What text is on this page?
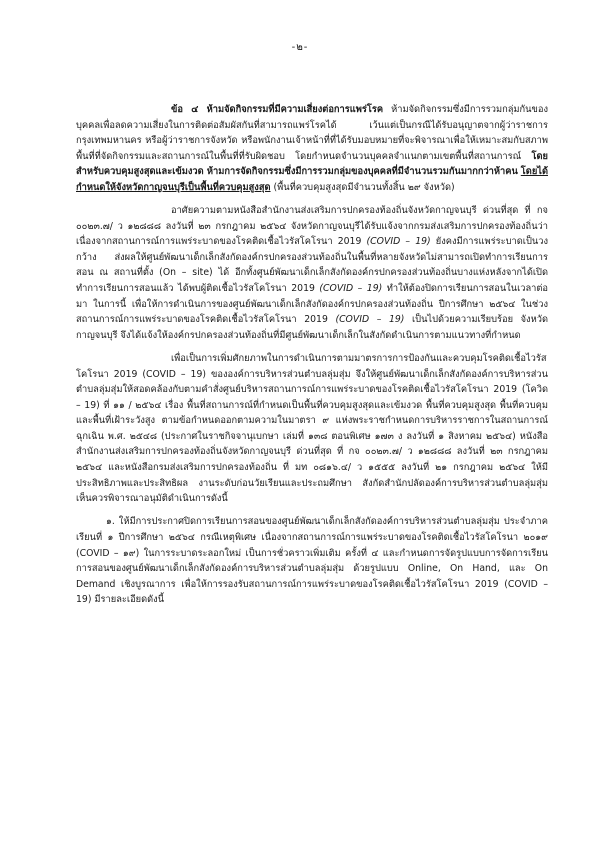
-๒-

ข้อ ๔ ห้ามจัดกิจกรรมที่มีความเสี่ยงต่อการแพร่โรค ห้ามจัดกิจกรรมซึ่งมีการรวมกลุ่มกันของบุคคลเพื่อลดความเสี่ยงในการติดต่อสัมผัสกันที่สามารถแพร่โรคได้ เว้นแต่เป็นกรณีได้รับอนุญาตจากผู้ว่าราชการกรุงเทพมหานคร หรือผู้ว่าราชการจังหวัด หรือพนักงานเจ้าหน้าที่ที่ได้รับมอบหมายที่จะพิจารณาเพื่อให้เหมาะสมกับสภาพพื้นที่ที่จัดกิจกรรมและสถานการณ์ในพื้นที่ที่รับผิดชอบ โดยกำหนดจำนวนบุคคลจำแนกตามเขตพื้นที่สถานการณ์ โดยสำหรับควบคุมสูงสุดและเข้มงวด ห้ามการจัดกิจกรรมซึ่งมีการรวมกลุ่มของบุคคลที่มีจำนวนรวมกันมากกว่าห้าคน โดยได้กำหนดให้จังหวัดกาญจนบุรีเป็นพื้นที่ควบคุมสูงสุด (พื้นที่ควบคุมสูงสุดมีจำนวนทั้งสิ้น ๒๙ จังหวัด)

อาศัยความตามหนังสือสำนักงานส่งเสริมการปกครองท้องถิ่นจังหวัดกาญจนบุรี ด่วนที่สุด ที่ กจ ๐๐๒๓.๗/ ว ๑๒๘๘๘ ลงวันที่ ๒๓ กรกฎาคม ๒๕๖๔ จังหวัดกาญจนบุรีได้รับแจ้งจากกรมส่งเสริมการปกครองท้องถิ่นว่า เนื่องจากสถานการณ์การแพร่ระบาดของโรคติดเชื้อไวรัสโคโรนา 2019 (COVID – 19) ยังคงมีการแพร่ระบาดเป็นวงกว้าง ส่งผลให้ศูนย์พัฒนาเด็กเล็กสังกัดองค์กรปกครองส่วนท้องถิ่นในพื้นที่หลายจังหวัดไม่สามารถเปิดทำการเรียนการสอน ณ สถานที่ตั้ง (On – site) ได้ อีกทั้งศูนย์พัฒนาเด็กเล็กสังกัดองค์กรปกครองส่วนท้องถิ่นบางแห่งหลังจากได้เปิดทำการเรียนการสอนแล้ว ได้พบผู้ติดเชื้อไวรัสโคโรนา 2019 (COVID – 19) ทำให้ต้องปิดการเรียนการสอนในเวลาต่อมา ในการนี้ เพื่อให้การดำเนินการของศูนย์พัฒนาเด็กเล็กสังกัดองค์กรปกครองส่วนท้องถิ่น ปีการศึกษา ๒๕๖๔ ในช่วงสถานการณ์การแพร่ระบาดของโรคติดเชื้อไวรัสโคโรนา 2019 (COVID – 19) เป็นไปด้วยความเรียบร้อย จังหวัดกาญจนบุรี จึงได้แจ้งให้องค์กรปกครองส่วนท้องถิ่นที่มีศูนย์พัฒนาเด็กเล็กในสังกัดดำเนินการตามแนวทางที่กำหนด

เพื่อเป็นการเพิ่มศักยภาพในการดำเนินการตามมาตรการการป้องกันและควบคุมโรคติดเชื้อไวรัสโคโรนา 2019 (COVID – 19) ขององค์การบริหารส่วนตำบลลุ่มสุ่ม จึงให้ศูนย์พัฒนาเด็กเล็กสังกัดองค์การบริหารส่วนตำบลลุ่มสุ่มให้สอดคล้องกับตามคำสั่งศูนย์บริหารสถานการณ์การแพร่ระบาดของโรคติดเชื้อไวรัสโคโรนา 2019 (โควิด – 19) ที่ ๑๑ / ๒๕๖๔ เรื่อง พื้นที่สถานการณ์ที่กำหนดเป็นพื้นที่ควบคุมสูงสุดและเข้มงวด พื้นที่ควบคุมสูงสุด พื้นที่ควบคุม และพื้นที่เฝ้าระวังสูง ตามข้อกำหนดออกตามความในมาตรา ๙ แห่งพระราชกำหนดการบริหารราชการในสถานการณ์ ฉุกเฉิน พ.ศ. ๒๕๔๘ (ประกาศในราชกิจจานุเบกษา เล่มที่ ๑๓๘ ตอนพิเศษ ๑๗๓ ง ลงวันที่ ๑ สิงหาคม ๒๕๖๔) หนังสือสำนักงานส่งเสริมการปกครองท้องถิ่นจังหวัดกาญจนบุรี ด่วนที่สุด ที่ กจ ๐๐๒๓.๗/ ว ๑๒๘๘๘ ลงวันที่ ๒๓ กรกฎาคม ๒๕๖๔ และหนังสือกรมส่งเสริมการปกครองท้องถิ่น ที่ มท ๐๘๑๖.๔/ ว ๑๕๕๕ ลงวันที่ ๒๑ กรกฎาคม ๒๕๖๔ ให้มีประสิทธิภาพและประสิทธิผล งานระดับก่อนวัยเรียนและประถมศึกษา สังกัดสำนักปลัดองค์การบริหารส่วนตำบลลุ่มสุ่ม เห็นควรพิจารณาอนุมัติดำเนินการดังนี้

๑. ให้มีการประกาศปิดการเรียนการสอนของศูนย์พัฒนาเด็กเล็กสังกัดองค์การบริหารส่วนตำบลลุ่มสุ่ม ประจำภาคเรียนที่ ๑ ปีการศึกษา ๒๕๖๔ กรณีเหตุพิเศษ เนื่องจากสถานการณ์การแพร่ระบาดของโรคติดเชื้อไวรัสโคโรนา ๒๐๑๙ (COVID – ๑๙) ในการระบาดระลอกใหม่ เป็นการชั่วคราวเพิ่มเติม ครั้งที่ ๔ และกำหนดการจัดรูปแบบการจัดการเรียนการสอนของศูนย์พัฒนาเด็กเล็กสังกัดองค์การบริหารส่วนตำบลลุ่มสุ่ม ด้วยรูปแบบ Online, On Hand, และ On Demand เชิงบูรณาการ เพื่อให้การรองรับสถานการณ์การแพร่ระบาดของโรคติดเชื้อไวรัสโคโรนา 2019 (COVID – 19) มีรายละเอียดดังนี้
